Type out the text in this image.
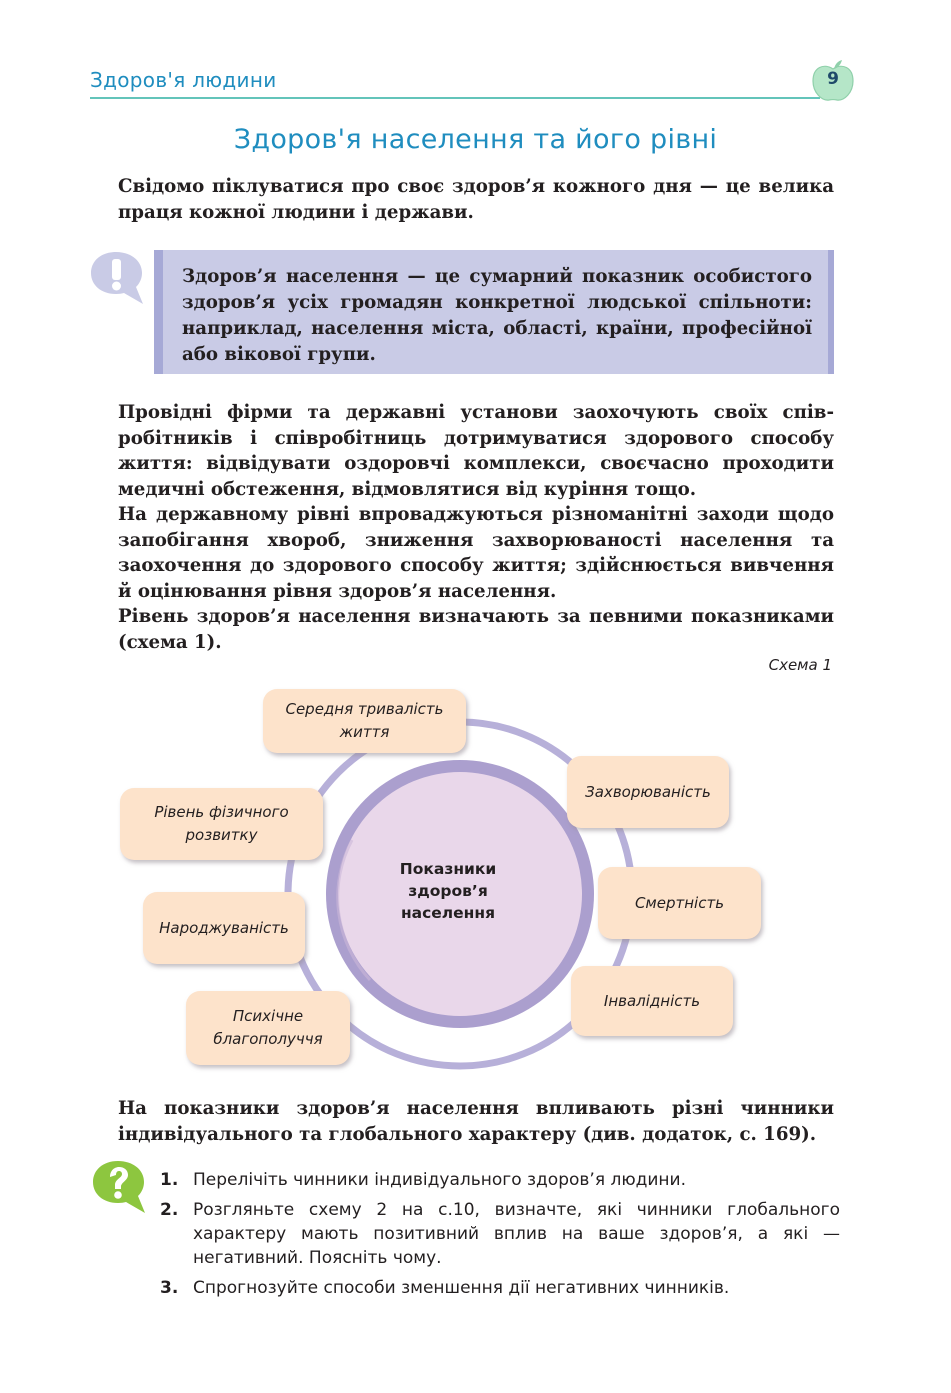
Здоров'я людини	9
Здоров'я населення та його рівні
Свідомо піклуватися про своє здоров’я кожного дня — це велика праця кожної людини і держави.
Здоров’я населення — це сумарний показник особистого здоров’я усіх громадян конкретної людської спільноти: наприклад, населення міста, області, країни, професійної або вікової групи.
Провідні фірми та державні установи заохочують своїх співробітників і співробітниць дотримуватися здорового способу життя: відвідувати оздоровчі комплекси, своєчасно проходити медичні обстеження, відмовлятися від куріння тощо.
На державному рівні впроваджуються різноманітні заходи щодо запобігання хвороб, зниження захворюваності населення та заохочення до здорового способу життя; здійснюється вивчення й оцінювання рівня здоров’я населення.
Рівень здоров’я населення визначають за певними показниками (схема 1).
Схема 1
Середня тривалість життя
Захворюваність
Рівень фізичного розвитку
Смертність
Народжуваність
Інвалідність
Психічне благополуччя
Показники здоров’я населення
На показники здоров’я населення впливають різні чинники індивідуального та глобального характеру (див. додаток, с. 169).
1. Перелічіть чинники індивідуального здоров’я людини.
2. Розгляньте схему 2 на с.10, визначте, які чинники глобального характеру мають позитивний вплив на ваше здоров’я, а які — негативний. Поясніть чому.
3. Спрогнозуйте способи зменшення дії негативних чинників.
